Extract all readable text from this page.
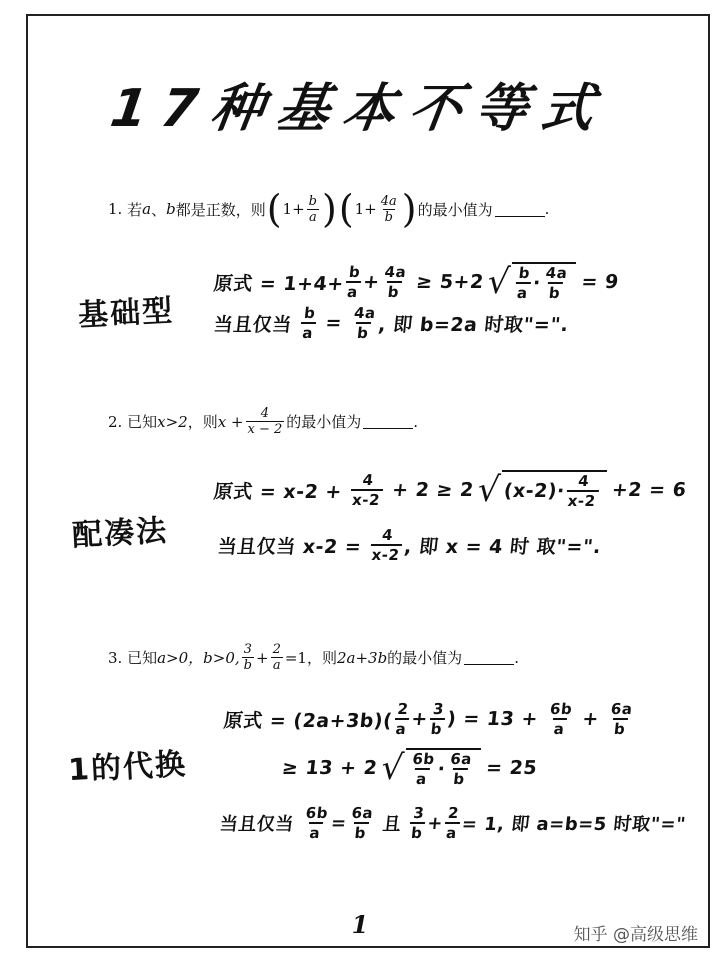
17种基本不等式
1.
若 a 、 b 都是正数，则 ( $1+ \frac{b}{a}$ ) ( $1+ \frac{4a}{b}$ ) 的最小值为	.
基础型
原式 = $1+4+ \frac{b}{a}$
+
$\frac{4a}{b}$
≥ 5+2 √ $\frac{b}{a}$
·
$\frac{4a}{b}$
= 9
当且仅当
$\frac{b}{a}$
=
$\frac{4a}{b}$
, 即 b=2a 时取"=".
2.
已知 x>2 ，则 $x + \frac{4}{x - 2}$ 的最小值为	.
配凑法
原式 = x-2 +
$\frac{4}{x-2}$
+ 2 ≥ 2 √ (x-2)·
$\frac{4}{x-2}$
+2 = 6
当且仅当 x-2 =
$\frac{4}{x-2}$
, 即 x = 4 时 取"=".
3.
已知 a>0，b>0, $\frac{3}{b} + \frac{2}{a} =1$，则 2a+3b 的最小值为	.
1的代换
原式 = $(2a+3b)( \frac{2}{a}$
+
$\frac{3}{b}$
) = 13 +
$\frac{6b}{a}$
+
$\frac{6a}{b}$
≥ 13 + 2 √ $\frac{6b}{a}$
·
$\frac{6a}{b}$
= 25
当且仅当
$\frac{6b}{a}$
=
$\frac{6a}{b}$
且
$\frac{3}{b}$
+
$\frac{2}{a}$
= 1, 即 a=b=5 时取"="
1	知乎 @高级思维
